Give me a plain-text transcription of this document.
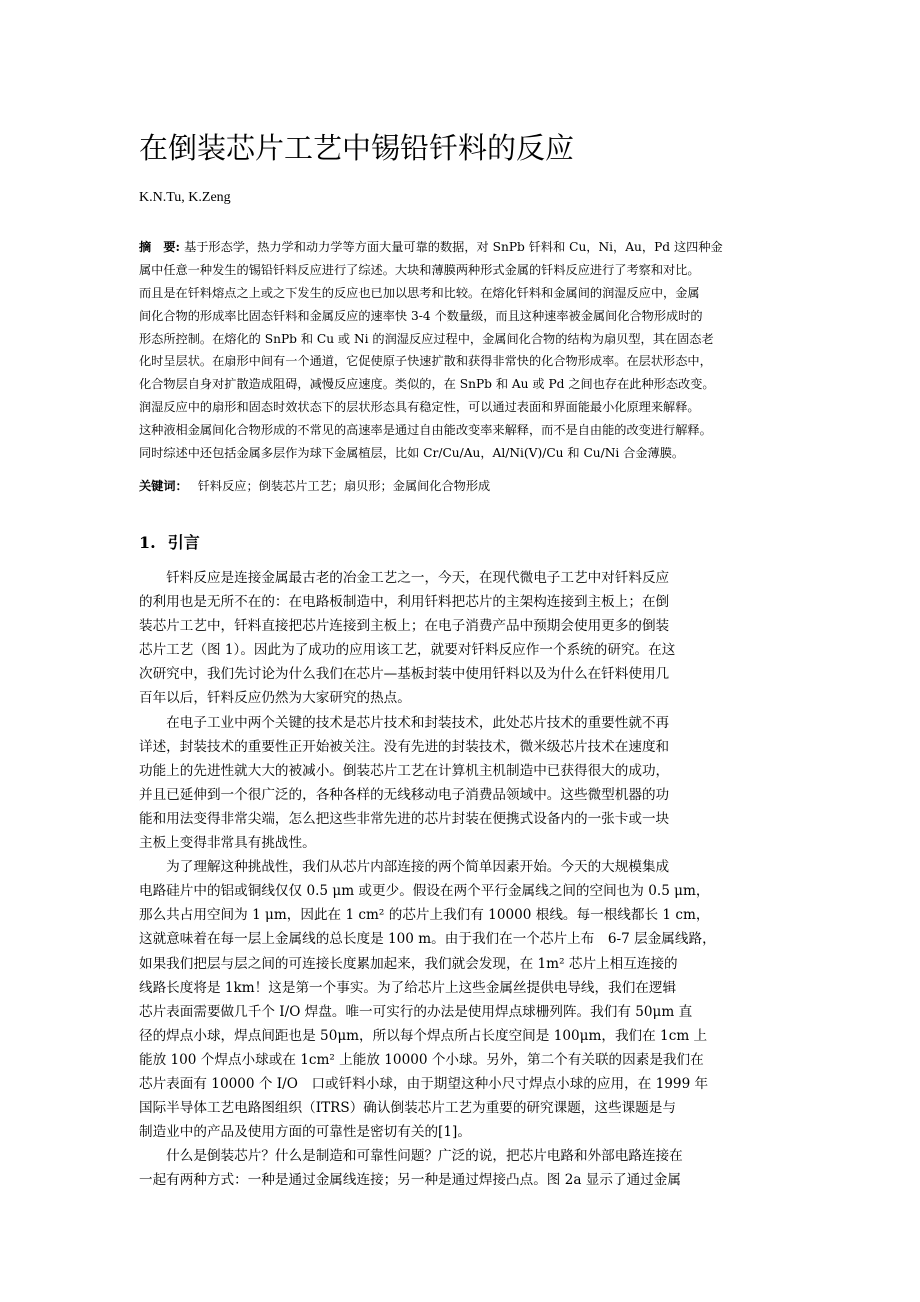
在倒装芯片工艺中锡铅钎料的反应
K.N.Tu, K.Zeng
摘　要: 基于形态学，热力学和动力学等方面大量可靠的数据，对 SnPb 钎料和 Cu，Ni，Au，Pd 这四种金
属中任意一种发生的锡铅钎料反应进行了综述。大块和薄膜两种形式金属的钎料反应进行了考察和对比。
而且是在钎料熔点之上或之下发生的反应也已加以思考和比较。在熔化钎料和金属间的润湿反应中，金属
间化合物的形成率比固态钎料和金属反应的速率快 3-4 个数量级，而且这种速率被金属间化合物形成时的
形态所控制。在熔化的 SnPb 和 Cu 或 Ni 的润湿反应过程中，金属间化合物的结构为扇贝型，其在固态老
化时呈层状。在扇形中间有一个通道，它促使原子快速扩散和获得非常快的化合物形成率。在层状形态中，
化合物层自身对扩散造成阻碍，减慢反应速度。类似的，在 SnPb 和 Au 或 Pd 之间也存在此种形态改变。
润湿反应中的扇形和固态时效状态下的层状形态具有稳定性，可以通过表面和界面能最小化原理来解释。
这种液相金属间化合物形成的不常见的高速率是通过自由能改变率来解释，而不是自由能的改变进行解释。
同时综述中还包括金属多层作为球下金属植层，比如 Cr/Cu/Au，Al/Ni(V)/Cu 和 Cu/Ni 合金薄膜。
关键词： 钎料反应；倒装芯片工艺；扇贝形；金属间化合物形成
1. 引言
　　钎料反应是连接金属最古老的冶金工艺之一，今天，在现代微电子工艺中对钎料反应
的利用也是无所不在的：在电路板制造中，利用钎料把芯片的主架构连接到主板上；在倒
装芯片工艺中，钎料直接把芯片连接到主板上；在电子消费产品中预期会使用更多的倒装
芯片工艺（图 1）。因此为了成功的应用该工艺，就要对钎料反应作一个系统的研究。在这
次研究中，我们先讨论为什么我们在芯片—基板封装中使用钎料以及为什么在钎料使用几
百年以后，钎料反应仍然为大家研究的热点。
　　在电子工业中两个关键的技术是芯片技术和封装技术，此处芯片技术的重要性就不再
详述，封装技术的重要性正开始被关注。没有先进的封装技术，微米级芯片技术在速度和
功能上的先进性就大大的被减小。倒装芯片工艺在计算机主机制造中已获得很大的成功，
并且已延伸到一个很广泛的，各种各样的无线移动电子消费品领域中。这些微型机器的功
能和用法变得非常尖端，怎么把这些非常先进的芯片封装在便携式设备内的一张卡或一块
主板上变得非常具有挑战性。
　　为了理解这种挑战性，我们从芯片内部连接的两个简单因素开始。今天的大规模集成
电路硅片中的铝或铜线仅仅 0.5 μm 或更少。假设在两个平行金属线之间的空间也为 0.5 μm，
那么共占用空间为 1 μm，因此在 1 cm² 的芯片上我们有 10000 根线。每一根线都长 1 cm，
这就意味着在每一层上金属线的总长度是 100 m。由于我们在一个芯片上布　6-7 层金属线路，
如果我们把层与层之间的可连接长度累加起来，我们就会发现，在 1m² 芯片上相互连接的
线路长度将是 1km！这是第一个事实。为了给芯片上这些金属丝提供电导线，我们在逻辑
芯片表面需要做几千个 I/O 焊盘。唯一可实行的办法是使用焊点球栅列阵。我们有 50μm 直
径的焊点小球，焊点间距也是 50μm，所以每个焊点所占长度空间是 100μm，我们在 1cm 上
能放 100 个焊点小球或在 1cm² 上能放 10000 个小球。另外，第二个有关联的因素是我们在
芯片表面有 10000 个 I/O　口或钎料小球，由于期望这种小尺寸焊点小球的应用，在 1999 年
国际半导体工艺电路图组织（ITRS）确认倒装芯片工艺为重要的研究课题，这些课题是与
制造业中的产品及使用方面的可靠性是密切有关的[1]。
　　什么是倒装芯片？什么是制造和可靠性问题？广泛的说，把芯片电路和外部电路连接在
一起有两种方式：一种是通过金属线连接；另一种是通过焊接凸点。图 2a 显示了通过金属
